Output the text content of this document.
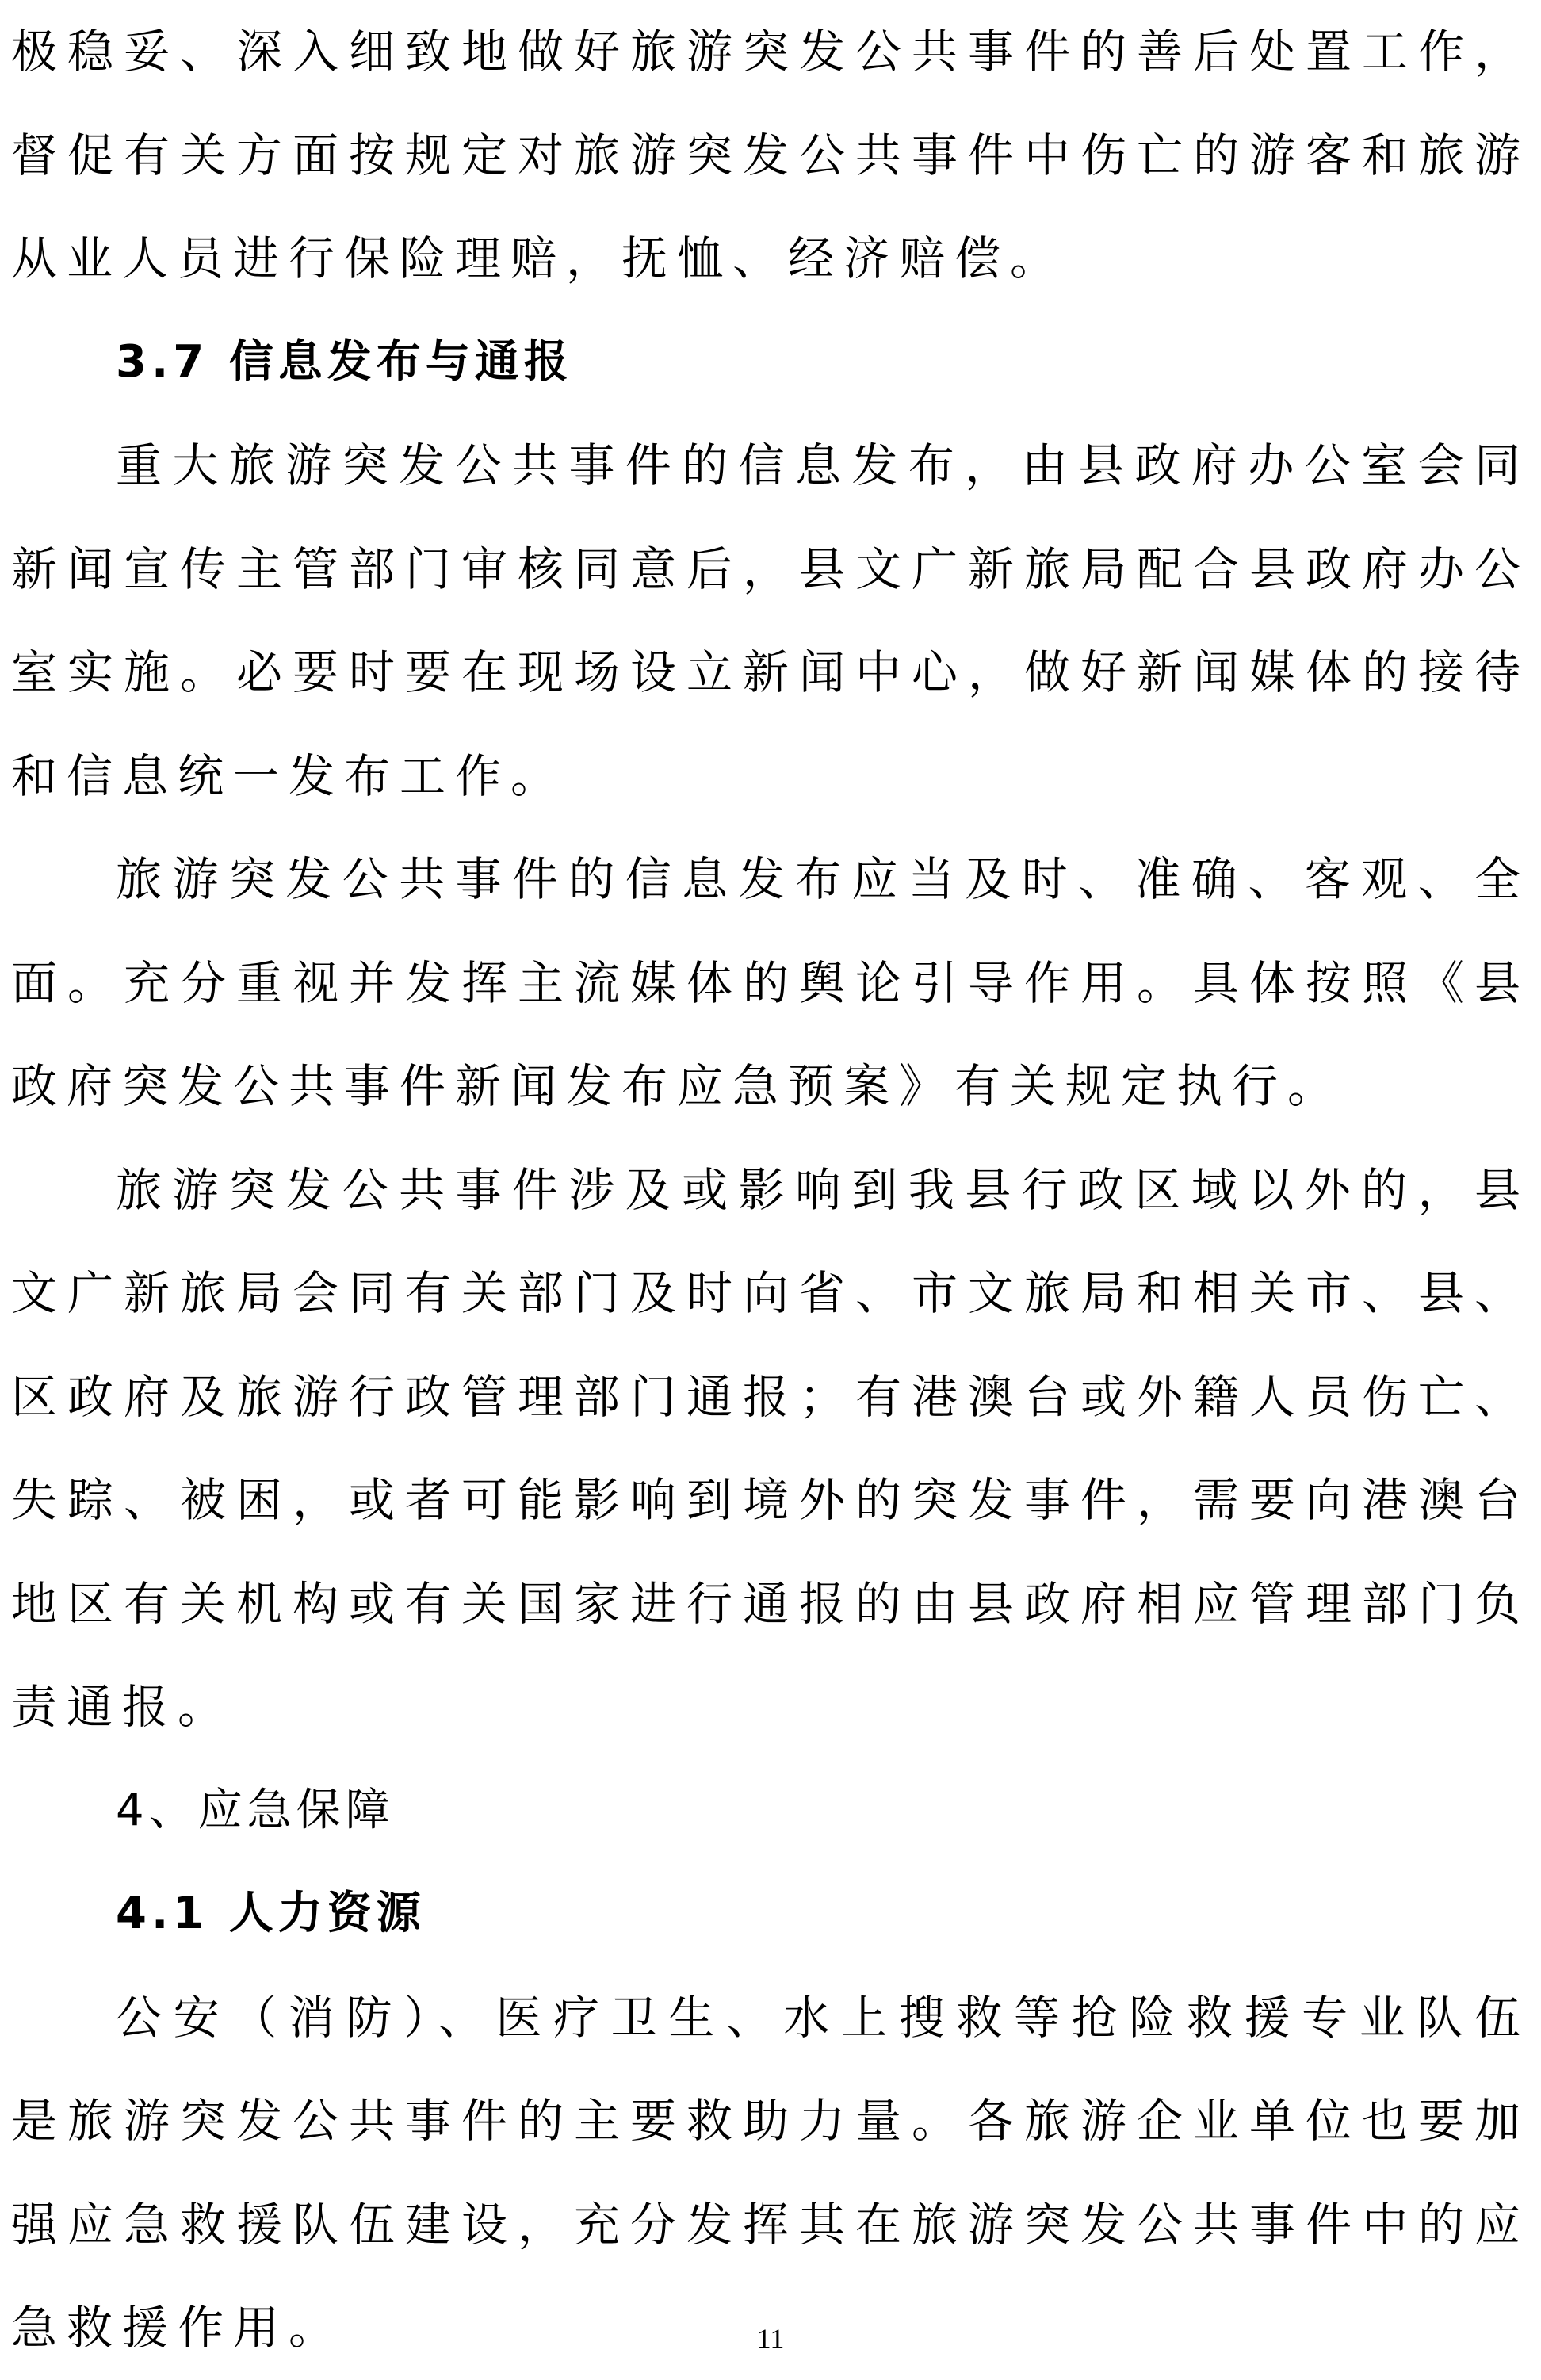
极稳妥、深入细致地做好旅游突发公共事件的善后处置工作，督促有关方面按规定对旅游突发公共事件中伤亡的游客和旅游从业人员进行保险理赔，抚恤、经济赔偿。

3.7 信息发布与通报

重大旅游突发公共事件的信息发布，由县政府办公室会同新闻宣传主管部门审核同意后，县文广新旅局配合县政府办公室实施。必要时要在现场设立新闻中心，做好新闻媒体的接待和信息统一发布工作。

旅游突发公共事件的信息发布应当及时、准确、客观、全面。充分重视并发挥主流媒体的舆论引导作用。具体按照《县政府突发公共事件新闻发布应急预案》有关规定执行。

旅游突发公共事件涉及或影响到我县行政区域以外的，县文广新旅局会同有关部门及时向省、市文旅局和相关市、县、区政府及旅游行政管理部门通报；有港澳台或外籍人员伤亡、失踪、被困，或者可能影响到境外的突发事件，需要向港澳台地区有关机构或有关国家进行通报的由县政府相应管理部门负责通报。

4、应急保障

4.1 人力资源

公安（消防）、医疗卫生、水上搜救等抢险救援专业队伍是旅游突发公共事件的主要救助力量。各旅游企业单位也要加强应急救援队伍建设，充分发挥其在旅游突发公共事件中的应急救援作用。	11
